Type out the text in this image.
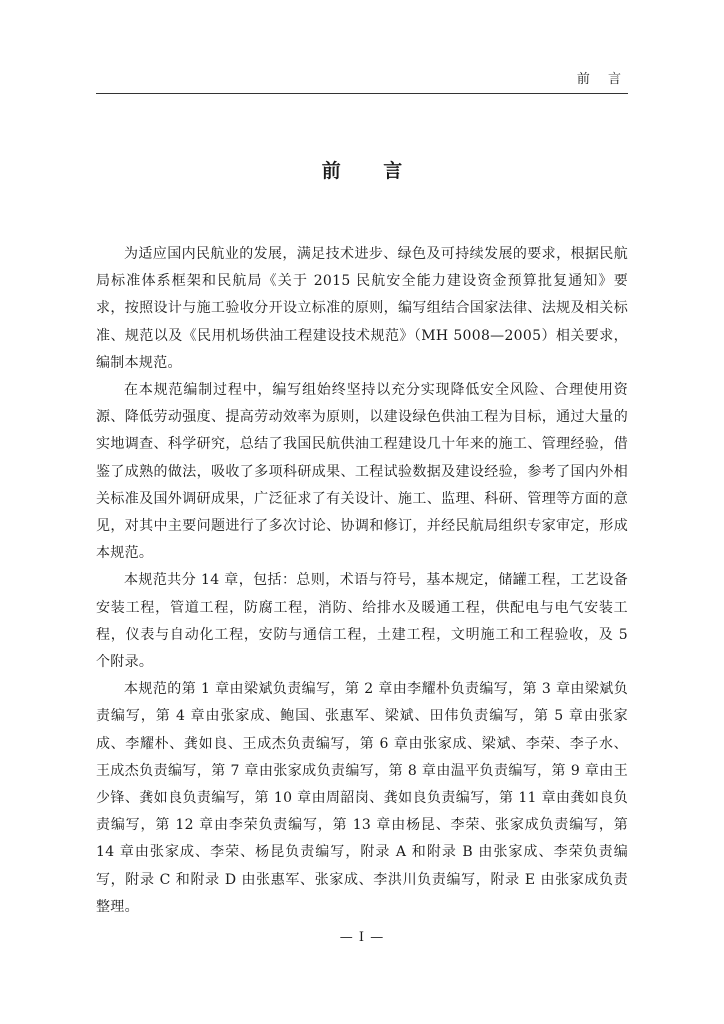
前 言
前 言

为适应国内民航业的发展，满足技术进步、绿色及可持续发展的要求，根据民航局标准体系框架和民航局《关于 2015 民航安全能力建设资金预算批复通知》要求，按照设计与施工验收分开设立标准的原则，编写组结合国家法律、法规及相关标准、规范以及《民用机场供油工程建设技术规范》（MH 5008—2005）相关要求，编制本规范。

在本规范编制过程中，编写组始终坚持以充分实现降低安全风险、合理使用资源、降低劳动强度、提高劳动效率为原则，以建设绿色供油工程为目标，通过大量的实地调查、科学研究，总结了我国民航供油工程建设几十年来的施工、管理经验，借鉴了成熟的做法，吸收了多项科研成果、工程试验数据及建设经验，参考了国内外相关标准及国外调研成果，广泛征求了有关设计、施工、监理、科研、管理等方面的意见，对其中主要问题进行了多次讨论、协调和修订，并经民航局组织专家审定，形成本规范。

本规范共分 14 章，包括：总则，术语与符号，基本规定，储罐工程，工艺设备安装工程，管道工程，防腐工程，消防、给排水及暖通工程，供配电与电气安装工程，仪表与自动化工程，安防与通信工程，土建工程，文明施工和工程验收，及 5 个附录。

本规范的第 1 章由梁斌负责编写，第 2 章由李耀朴负责编写，第 3 章由梁斌负责编写，第 4 章由张家成、鲍国、张惠军、梁斌、田伟负责编写，第 5 章由张家成、李耀朴、龚如良、王成杰负责编写，第 6 章由张家成、梁斌、李荣、李子水、王成杰负责编写，第 7 章由张家成负责编写，第 8 章由温平负责编写，第 9 章由王少锋、龚如良负责编写，第 10 章由周韶岗、龚如良负责编写，第 11 章由龚如良负责编写，第 12 章由李荣负责编写，第 13 章由杨昆、李荣、张家成负责编写，第 14 章由张家成、李荣、杨昆负责编写，附录 A 和附录 B 由张家成、李荣负责编写，附录 C 和附录 D 由张惠军、张家成、李洪川负责编写，附录 E 由张家成负责整理。

— I —
